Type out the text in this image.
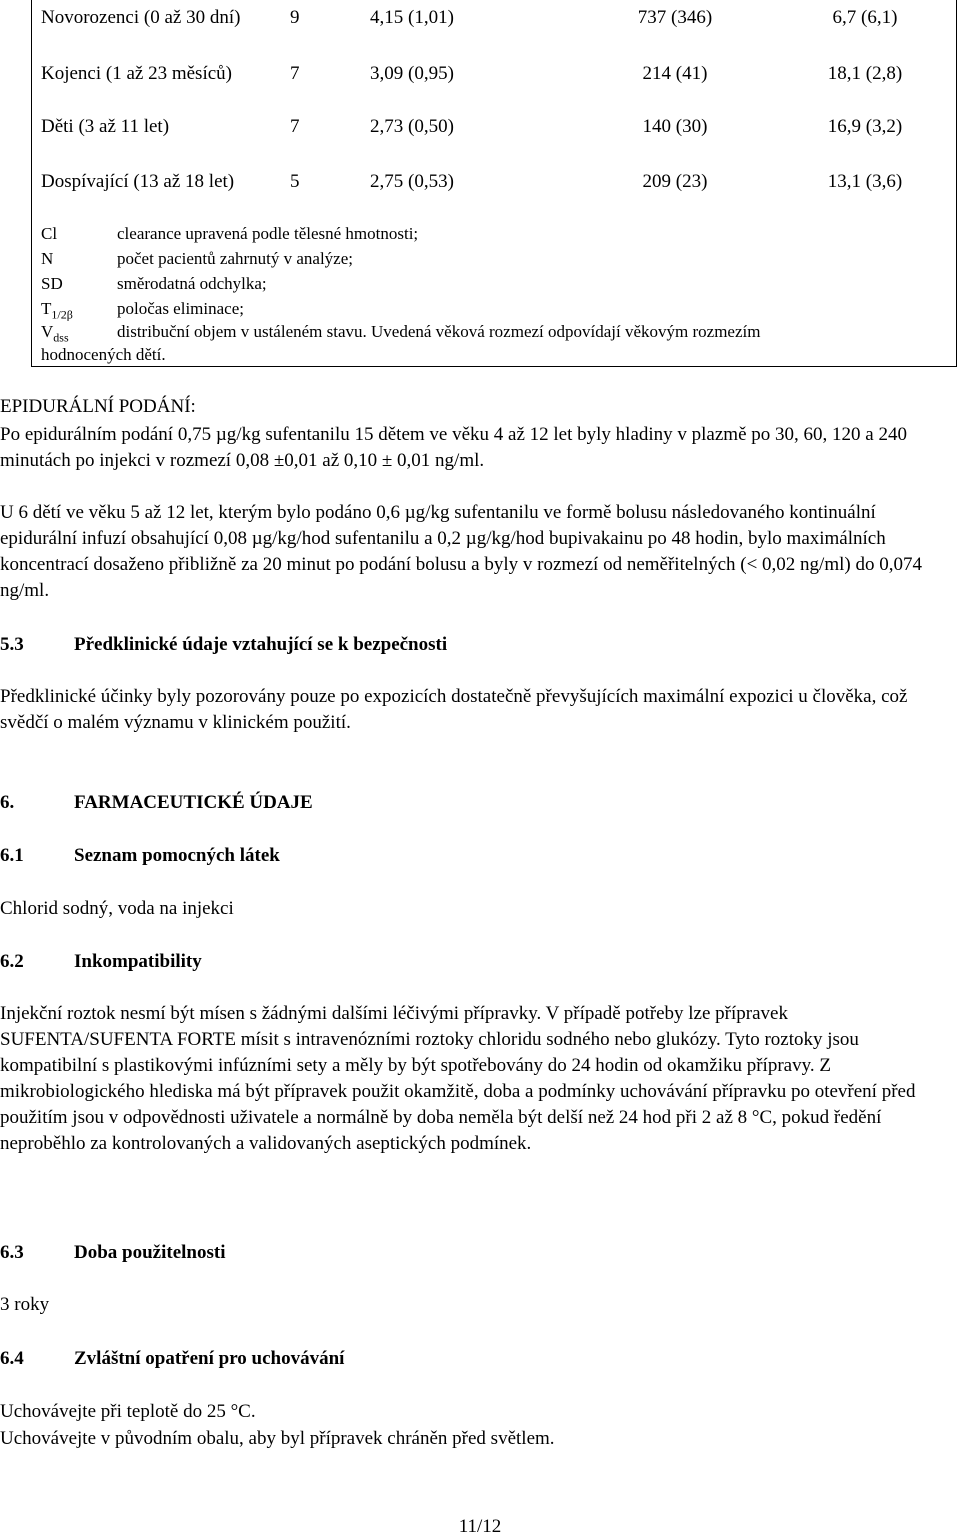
Novorozenci (0 až 30 dní)	9	4,15 (1,01)	737 (346)	6,7 (6,1)
Kojenci (1 až 23 měsíců)	7	3,09 (0,95)	214 (41)	18,1 (2,8)
Děti (3 až 11 let)	7	2,73 (0,50)	140 (30)	16,9 (3,2)
Dospívající (13 až 18 let)	5	2,75 (0,53)	209 (23)	13,1 (3,6)
Cl	clearance upravená podle tělesné hmotnosti;
N	počet pacientů zahrnutý v analýze;
SD	směrodatná odchylka;
$T_{1/2\beta}$	poločas eliminace;
$V_{dss}$	distribuční objem v ustáleném stavu. Uvedená věková rozmezí odpovídají věkovým rozmezím
hodnocených dětí.
EPIDURÁLNÍ PODÁNÍ:
Po epidurálním podání 0,75 µg/kg sufentanilu 15 dětem ve věku 4 až 12 let byly hladiny v plazmě po 30, 60, 120 a 240 minutách po injekci v rozmezí 0,08 ±0,01 až 0,10 ± 0,01 ng/ml.
U 6 dětí ve věku 5 až 12 let, kterým bylo podáno 0,6 µg/kg sufentanilu ve formě bolusu následovaného kontinuální epidurální infuzí obsahující 0,08 µg/kg/hod sufentanilu a 0,2 µg/kg/hod bupivakainu po 48 hodin, bylo maximálních koncentrací dosaženo přibližně za 20 minut po podání bolusu a byly v rozmezí od neměřitelných (< 0,02 ng/ml) do 0,074 ng/ml.
5.3	Předklinické údaje vztahující se k bezpečnosti
Předklinické účinky byly pozorovány pouze po expozicích dostatečně převyšujících maximální expozici u člověka, což svědčí o malém významu v klinickém použití.
6.	FARMACEUTICKÉ ÚDAJE
6.1	Seznam pomocných látek
Chlorid sodný, voda na injekci
6.2	Inkompatibility
Injekční roztok nesmí být mísen s žádnými dalšími léčivými přípravky. V případě potřeby lze přípravek SUFENTA/SUFENTA FORTE mísit s intravenózními roztoky chloridu sodného nebo glukózy. Tyto roztoky jsou kompatibilní s plastikovými infúzními sety a měly by být spotřebovány do 24 hodin od okamžiku přípravy. Z mikrobiologického hlediska má být přípravek použit okamžitě, doba a podmínky uchovávání přípravku po otevření před použitím jsou v odpovědnosti uživatele a normálně by doba neměla být delší než 24 hod při 2 až 8 °C, pokud ředění neproběhlo za kontrolovaných a validovaných aseptických podmínek.
6.3	Doba použitelnosti
3 roky
6.4	Zvláštní opatření pro uchovávání
Uchovávejte při teplotě do 25 °C.
Uchovávejte v původním obalu, aby byl přípravek chráněn před světlem.
11/12
